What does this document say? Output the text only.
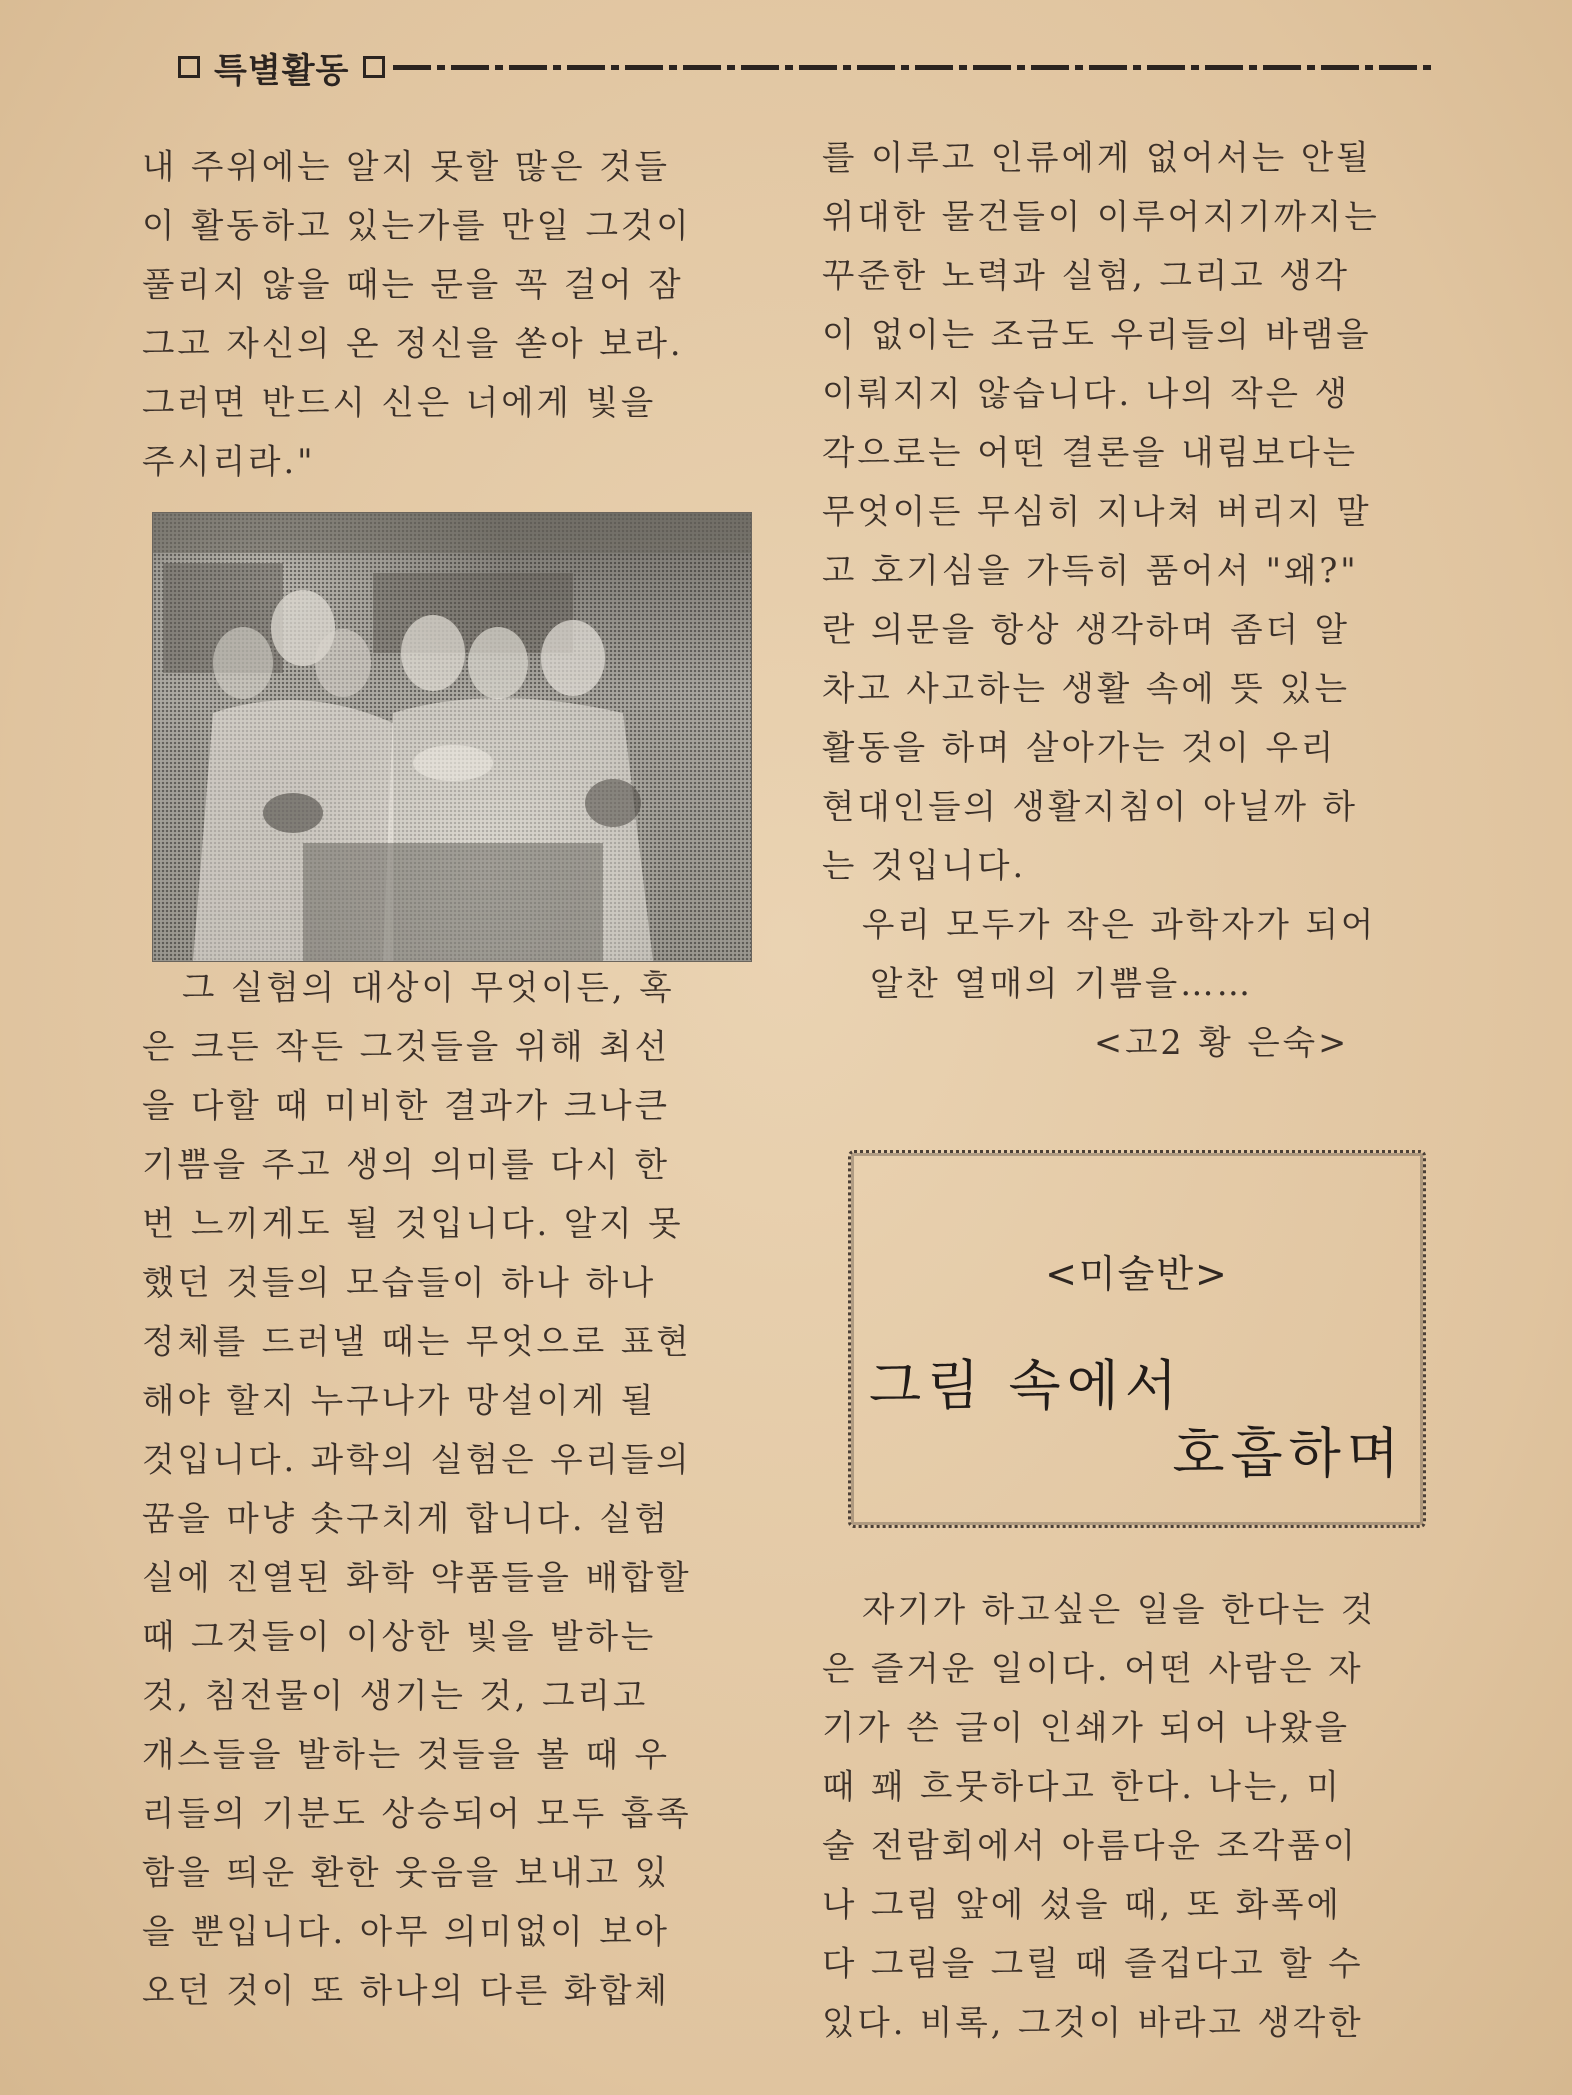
특별활동

내 주위에는 알지 못할 많은 것들

이 활동하고 있는가를 만일 그것이

풀리지 않을 때는 문을 꼭 걸어 잠

그고 자신의 온 정신을 쏟아 보라.

그러면 반드시 신은 너에게 빛을

주시리라."

그 실험의 대상이 무엇이든, 혹

은 크든 작든 그것들을 위해 최선

을 다할 때 미비한 결과가 크나큰

기쁨을 주고 생의 의미를 다시 한

번 느끼게도 될 것입니다. 알지 못

했던 것들의 모습들이 하나 하나

정체를 드러낼 때는 무엇으로 표현

해야 할지 누구나가 망설이게 될

것입니다. 과학의 실험은 우리들의

꿈을 마냥 솟구치게 합니다. 실험

실에 진열된 화학 약품들을 배합할

때 그것들이 이상한 빛을 발하는

것, 침전물이 생기는 것, 그리고

개스들을 발하는 것들을 볼 때 우

리들의 기분도 상승되어 모두 흡족

함을 띄운 환한 웃음을 보내고 있

을 뿐입니다. 아무 의미없이 보아

오던 것이 또 하나의 다른 화합체

를 이루고 인류에게 없어서는 안될

위대한 물건들이 이루어지기까지는

꾸준한 노력과 실험, 그리고 생각

이 없이는 조금도 우리들의 바램을

이뤄지지 않습니다. 나의 작은 생

각으로는 어떤 결론을 내림보다는

무엇이든 무심히 지나쳐 버리지 말

고 호기심을 가득히 품어서 "왜?"

란 의문을 항상 생각하며 좀더 알

차고 사고하는 생활 속에 뜻 있는

활동을 하며 살아가는 것이 우리

현대인들의 생활지침이 아닐까 하

는 것입니다.

우리 모두가 작은 과학자가 되어

알찬 열매의 기쁨을……

<고2 황 은숙>

<미술반>
그림 속에서
호흡하며

자기가 하고싶은 일을 한다는 것

은 즐거운 일이다. 어떤 사람은 자

기가 쓴 글이 인쇄가 되어 나왔을

때 꽤 흐뭇하다고 한다. 나는, 미

술 전람회에서 아름다운 조각품이

나 그림 앞에 섰을 때, 또 화폭에

다 그림을 그릴 때 즐겁다고 할 수

있다. 비록, 그것이 바라고 생각한
